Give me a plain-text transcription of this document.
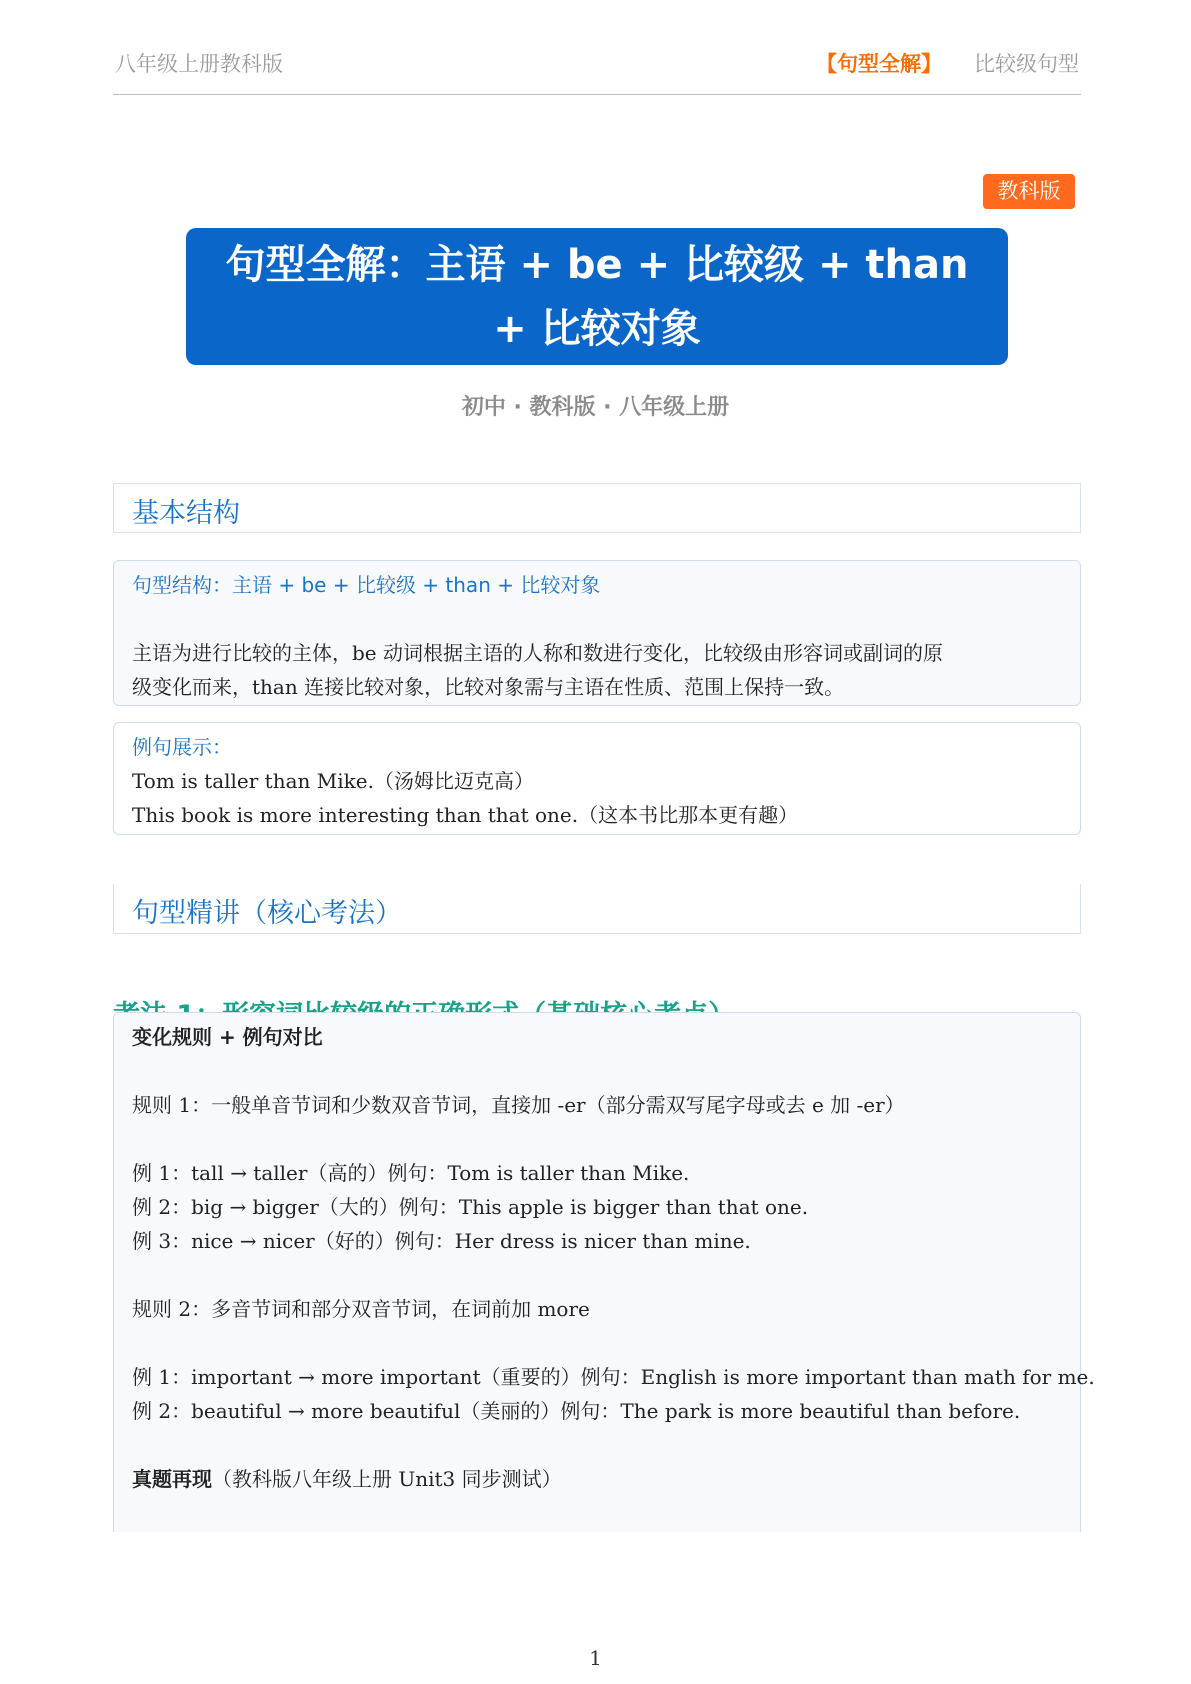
八年级上册教科版	【句型全解】 比较级句型
教科版
句型全解：主语 + be + 比较级 + than + 比较对象
初中 · 教科版 · 八年级上册
基本结构
句型结构：主语 + be + 比较级 + than + 比较对象
主语为进行比较的主体，be 动词根据主语的人称和数进行变化，比较级由形容词或副词的原
级变化而来，than 连接比较对象，比较对象需与主语在性质、范围上保持一致。
例句展示：
Tom is taller than Mike.（汤姆比迈克高）
This book is more interesting than that one.（这本书比那本更有趣）
句型精讲（核心考法）
变化规则 + 例句对比
规则 1：一般单音节词和少数双音节词，直接加 -er（部分需双写尾字母或去 e 加 -er）
例 1：tall → taller（高的）例句：Tom is taller than Mike.
例 2：big → bigger（大的）例句：This apple is bigger than that one.
例 3：nice → nicer（好的）例句：Her dress is nicer than mine.
规则 2：多音节词和部分双音节词，在词前加 more
例 1：important → more important（重要的）例句：English is more important than math for me.
例 2：beautiful → more beautiful（美丽的）例句：The park is more beautiful than before.
真题再现（教科版八年级上册 Unit3 同步测试）
1
